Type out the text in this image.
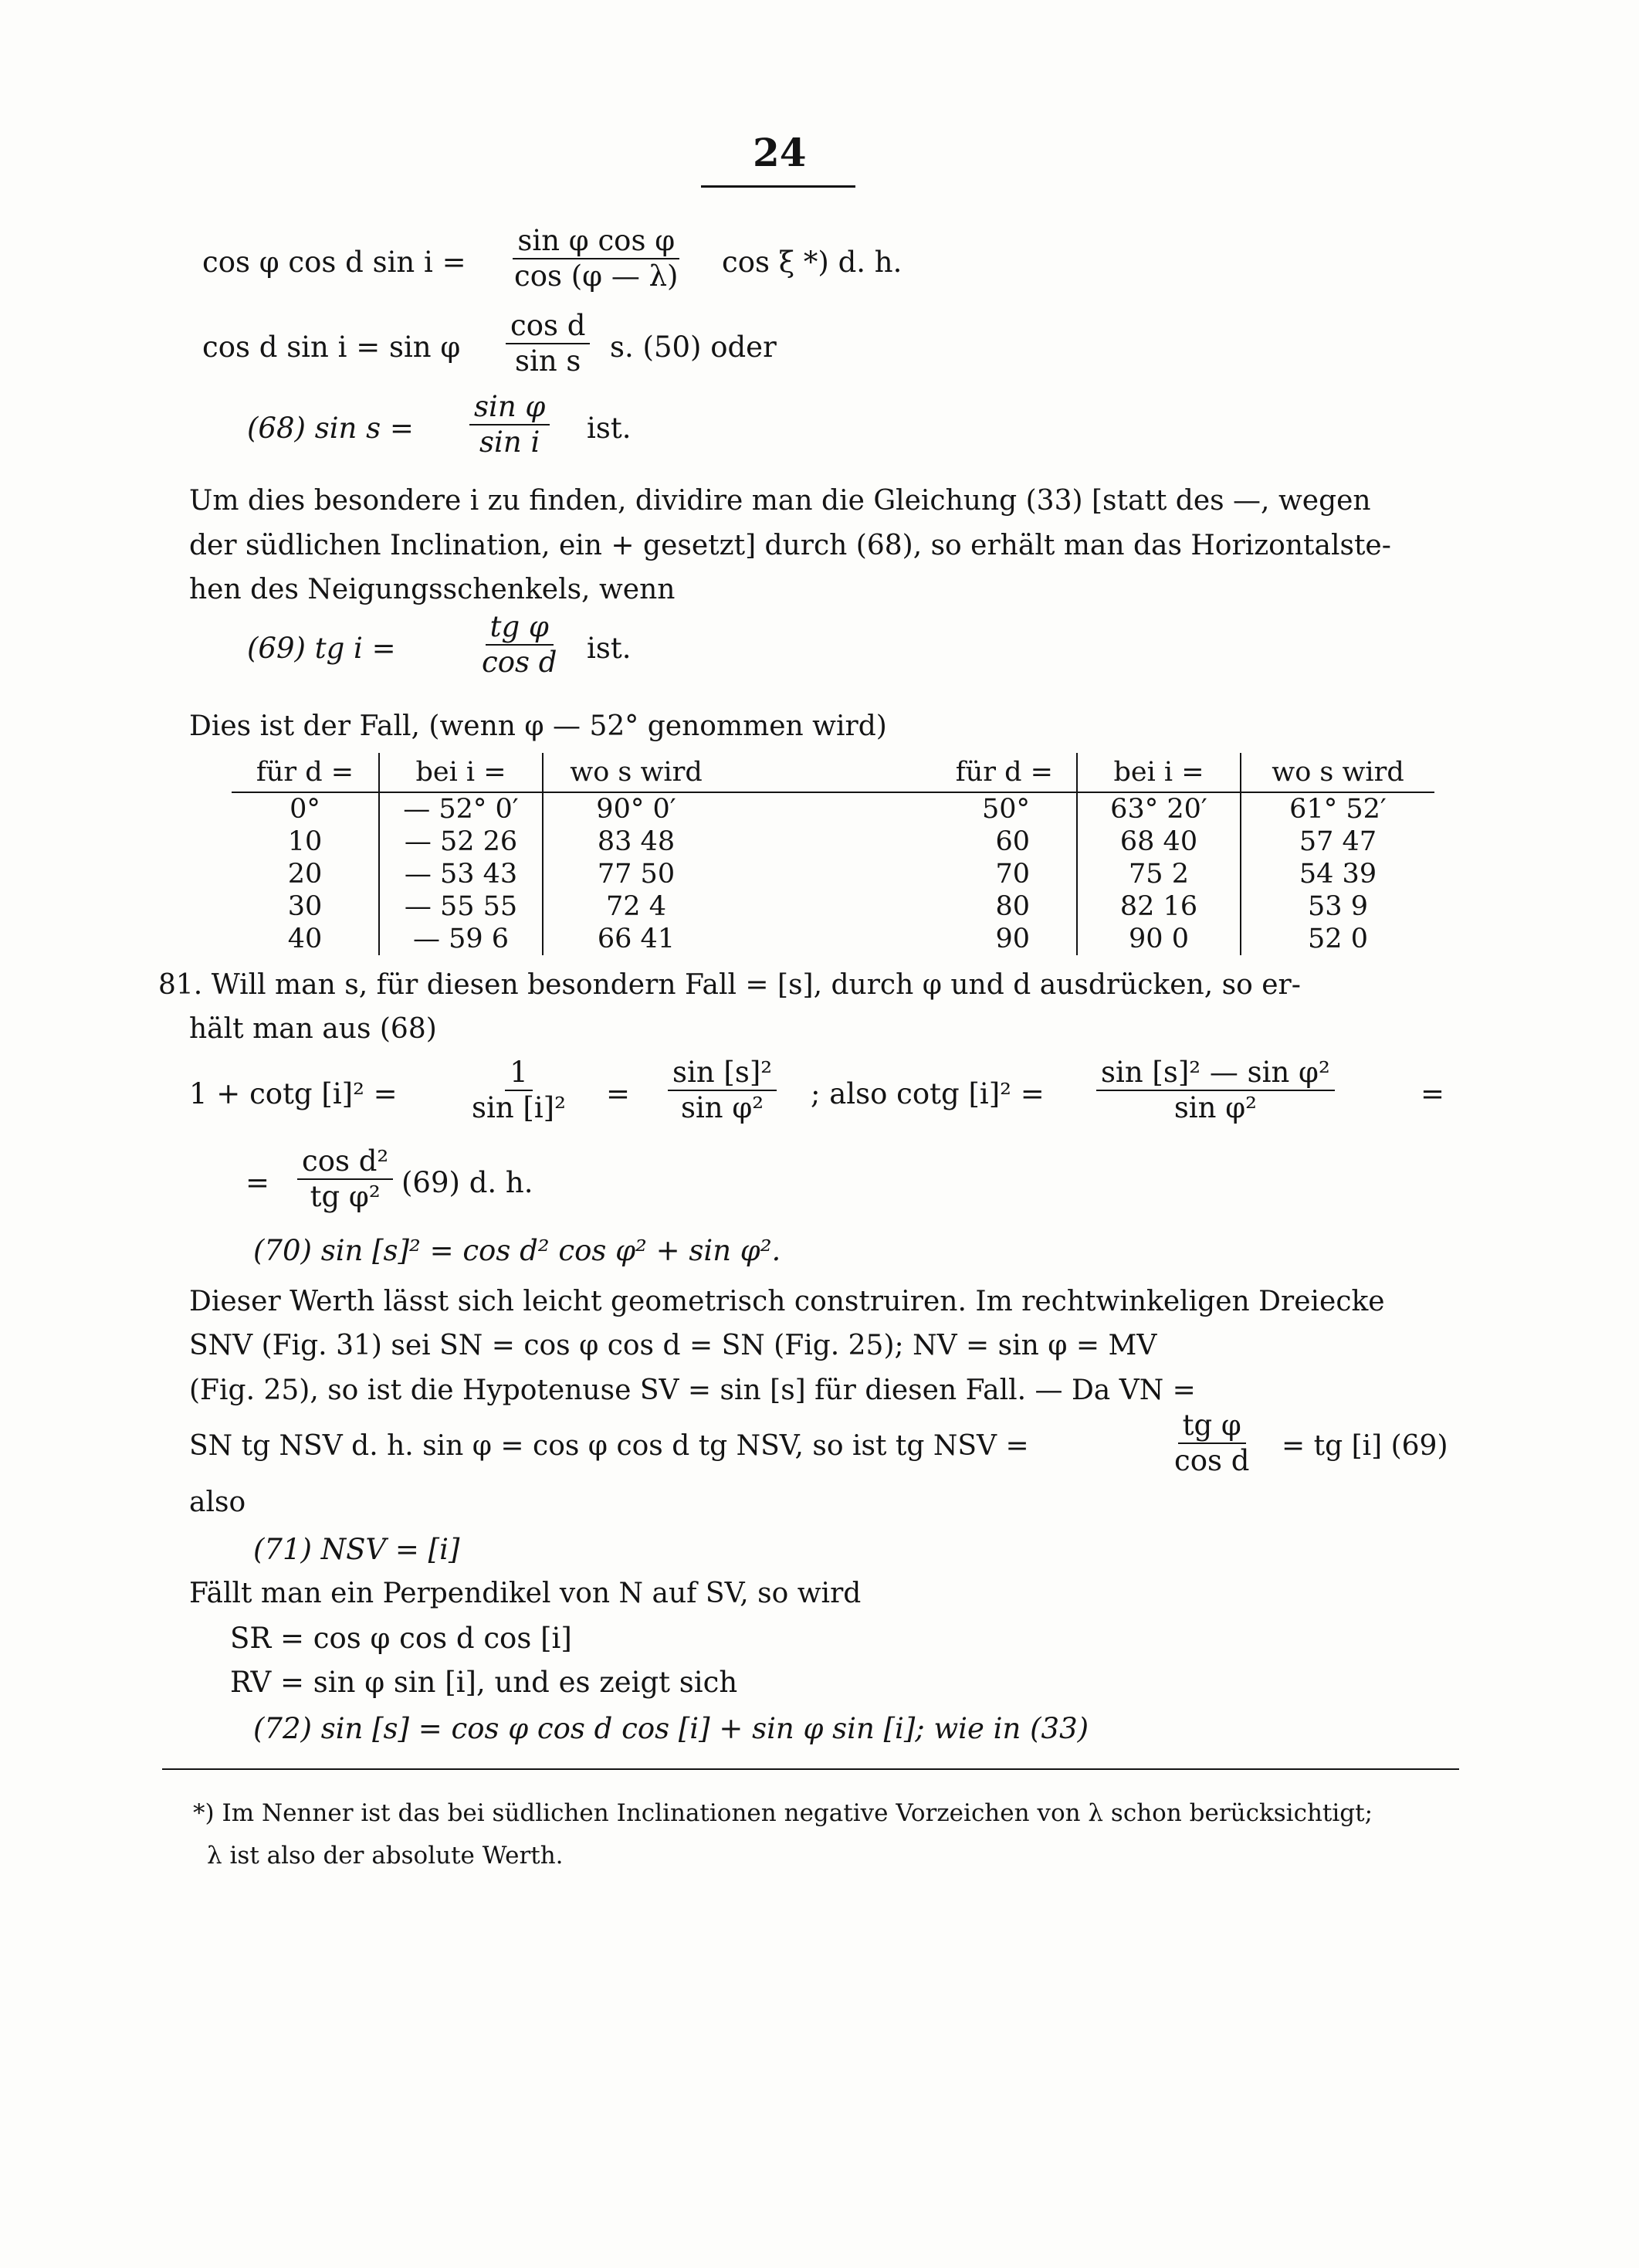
24
cos φ cos d $\sin i = \frac{\text{sin φ cos φ}}{\cos (\varphi — \lambda)}$ cos ξ *) d. h.
cos d sin i = sin φ $\frac{\text{cos d}}{\text{sin s}} s$. (50) oder
(68) $\sin s = \frac{\text{sin φ}}{\text{sin i}}$ ist.
Um dies besondere i zu finden, dividire man die Gleichung (33) [statt des —, wegen
der südlichen Inclination, ein + gesetzt] durch (68), so erhält man das Horizontalste-
hen des Neigungsschenkels, wenn
(69) tg i =	$\frac{\text{tg φ}}{\text{cos d}}$ ist.
Dies ist der Fall, (wenn φ — 52° genommen wird)
für d =	bei i =	wo s wird	für d =	bei i =	wo s wird
0°	— 52° 0′	90° 0′	50°	63° 20′	61° 52′
10	— 52 26	83 48	60	68 40	57 47
20	— 53 43	77 50	70	75 2	54 39
30	— 55 55	72 4	80	82 16	53 9
40	— 59 6	66 41	90	90 0	52 0
81. Will man s, für diesen besondern Fall = [s], durch φ und d ausdrücken, so er-
hält man aus (68)
1 + cotg $[i]^2 = \frac{1}{\text{sin [i]²}} = \frac{\text{sin [s]²}}{\text{sin φ²}}$ ; also cotg $[i]^2 = \frac{\text{sin [s]² — sin φ²}}{\text{sin φ²}}$	=
= $\frac{\text{cos d²}}{\text{tg φ²}} (69)$ d. h.
(70) sin [s]² = cos d² cos φ² + sin φ².
Dieser Werth lässt sich leicht geometrisch construiren. Im rechtwinkeligen Dreiecke
SNV (Fig. 31) sei SN = cos φ cos d = SN (Fig. 25); NV = sin φ = MV
(Fig. 25), so ist die Hypotenuse SV = sin [s] für diesen Fall. — Da VN =
SN tg NSV d. h. sin φ = cos φ cos d tg NSV, so ist tg NSV =	$\frac{\text{tg φ}}{\text{cos d}}$ = tg [i] (69)
also
(71) NSV = [i]
Fällt man ein Perpendikel von N auf SV, so wird
SR = cos φ cos d cos [i]
RV = sin φ sin [i], und es zeigt sich
(72) sin [s] = cos φ cos d cos [i] + sin φ sin [i]; wie in (33)
*) Im Nenner ist das bei südlichen Inclinationen negative Vorzeichen von λ schon berücksichtigt;
λ ist also der absolute Werth.
